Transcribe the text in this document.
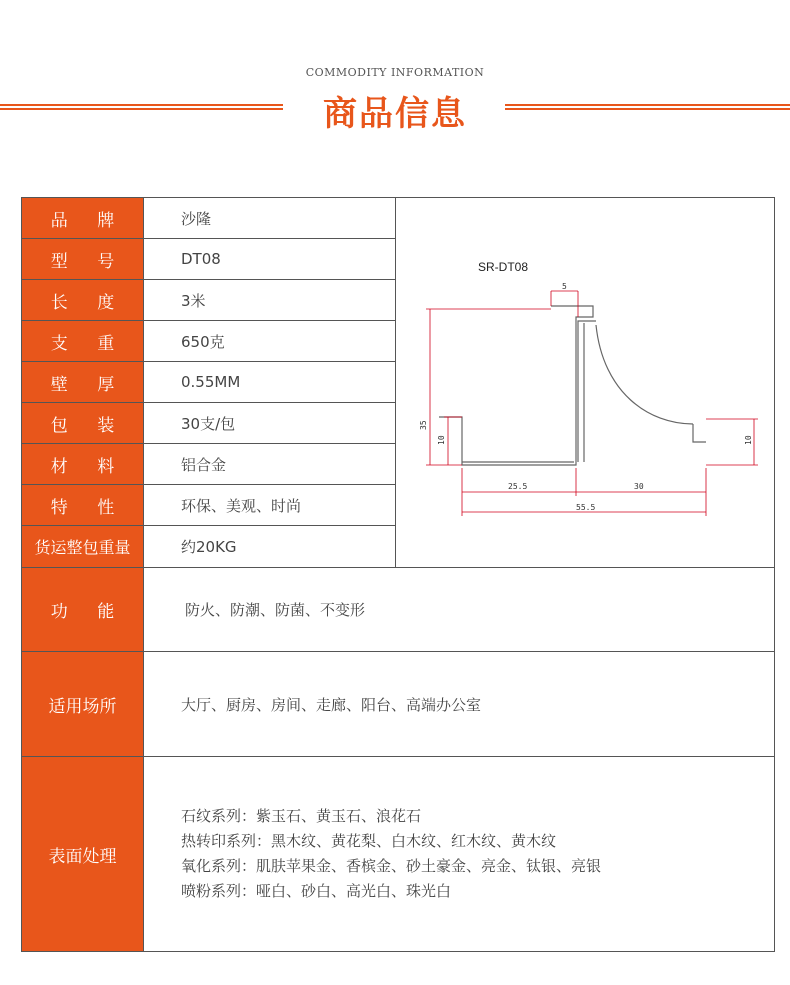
COMMODITY INFORMATION
商品信息
品 牌	沙隆
型 号	DT08
长 度	3米
支 重	650克
壁 厚	0.55MM
包 装	30支/包
材 料	铝合金
特 性	环保、美观、时尚
货运整包重量	约20KG
SR-DT08
5
35
10	10
25.5	30
55.5
功 能	防火、防潮、防菌、不变形
适用场所	大厅、厨房、房间、走廊、阳台、高端办公室
表面处理
石纹系列：紫玉石、黄玉石、浪花石
热转印系列：黑木纹、黄花梨、白木纹、红木纹、黄木纹
氧化系列：肌肤苹果金、香槟金、砂土豪金、亮金、钛银、亮银
喷粉系列：哑白、砂白、高光白、珠光白
